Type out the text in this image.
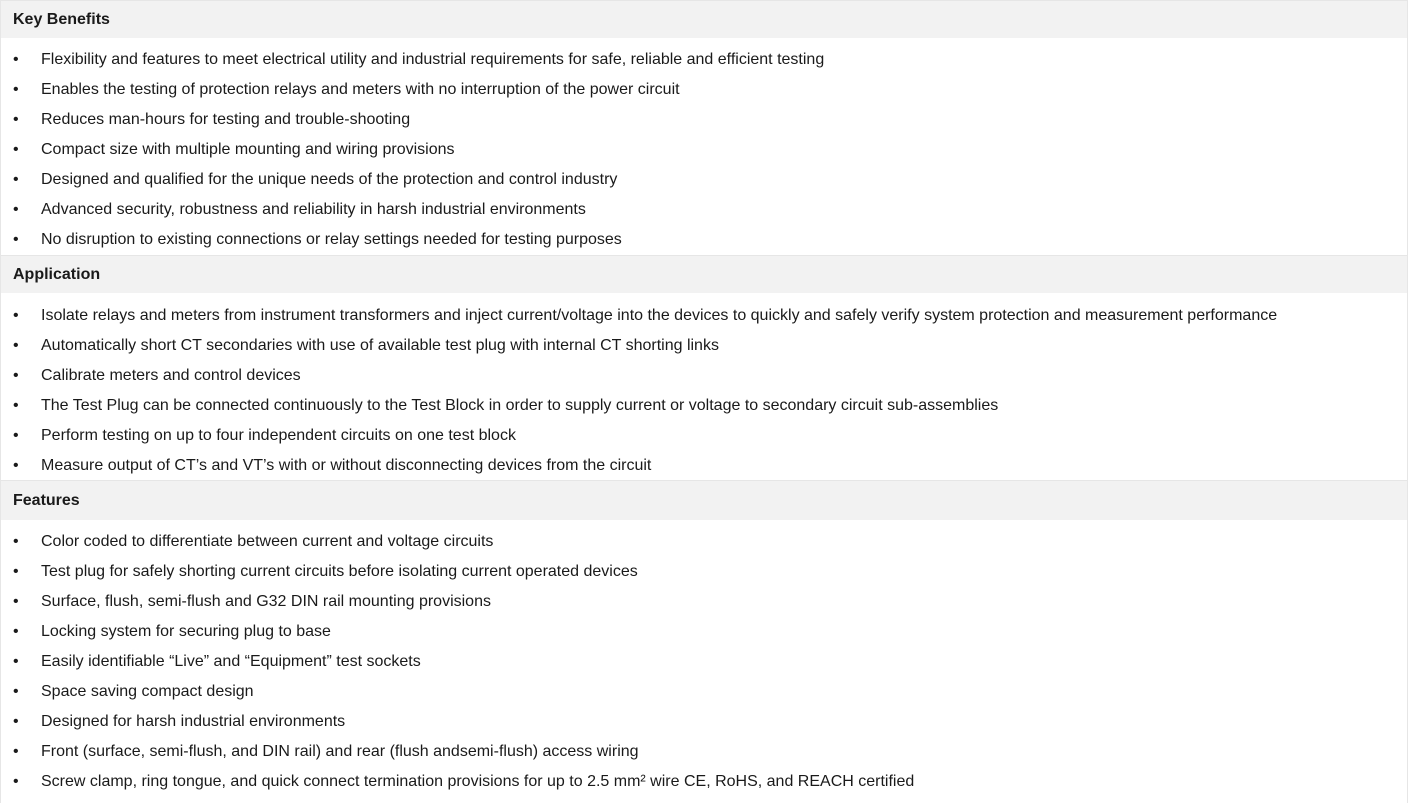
Key Benefits
• Flexibility and features to meet electrical utility and industrial requirements for safe, reliable and efficient testing
• Enables the testing of protection relays and meters with no interruption of the power circuit
• Reduces man-hours for testing and trouble-shooting
• Compact size with multiple mounting and wiring provisions
• Designed and qualified for the unique needs of the protection and control industry
• Advanced security, robustness and reliability in harsh industrial environments
• No disruption to existing connections or relay settings needed for testing purposes
Application
• Isolate relays and meters from instrument transformers and inject current/voltage into the devices to quickly and safely verify system protection and measurement performance
• Automatically short CT secondaries with use of available test plug with internal CT shorting links
• Calibrate meters and control devices
• The Test Plug can be connected continuously to the Test Block in order to supply current or voltage to secondary circuit sub-assemblies
• Perform testing on up to four independent circuits on one test block
• Measure output of CT’s and VT’s with or without disconnecting devices from the circuit
Features
• Color coded to differentiate between current and voltage circuits
• Test plug for safely shorting current circuits before isolating current operated devices
• Surface, flush, semi-flush and G32 DIN rail mounting provisions
• Locking system for securing plug to base
• Easily identifiable “Live” and “Equipment” test sockets
• Space saving compact design
• Designed for harsh industrial environments
• Front (surface, semi-flush, and DIN rail) and rear (flush andsemi-flush) access wiring
• Screw clamp, ring tongue, and quick connect termination provisions for up to 2.5 mm² wire CE, RoHS, and REACH certified
